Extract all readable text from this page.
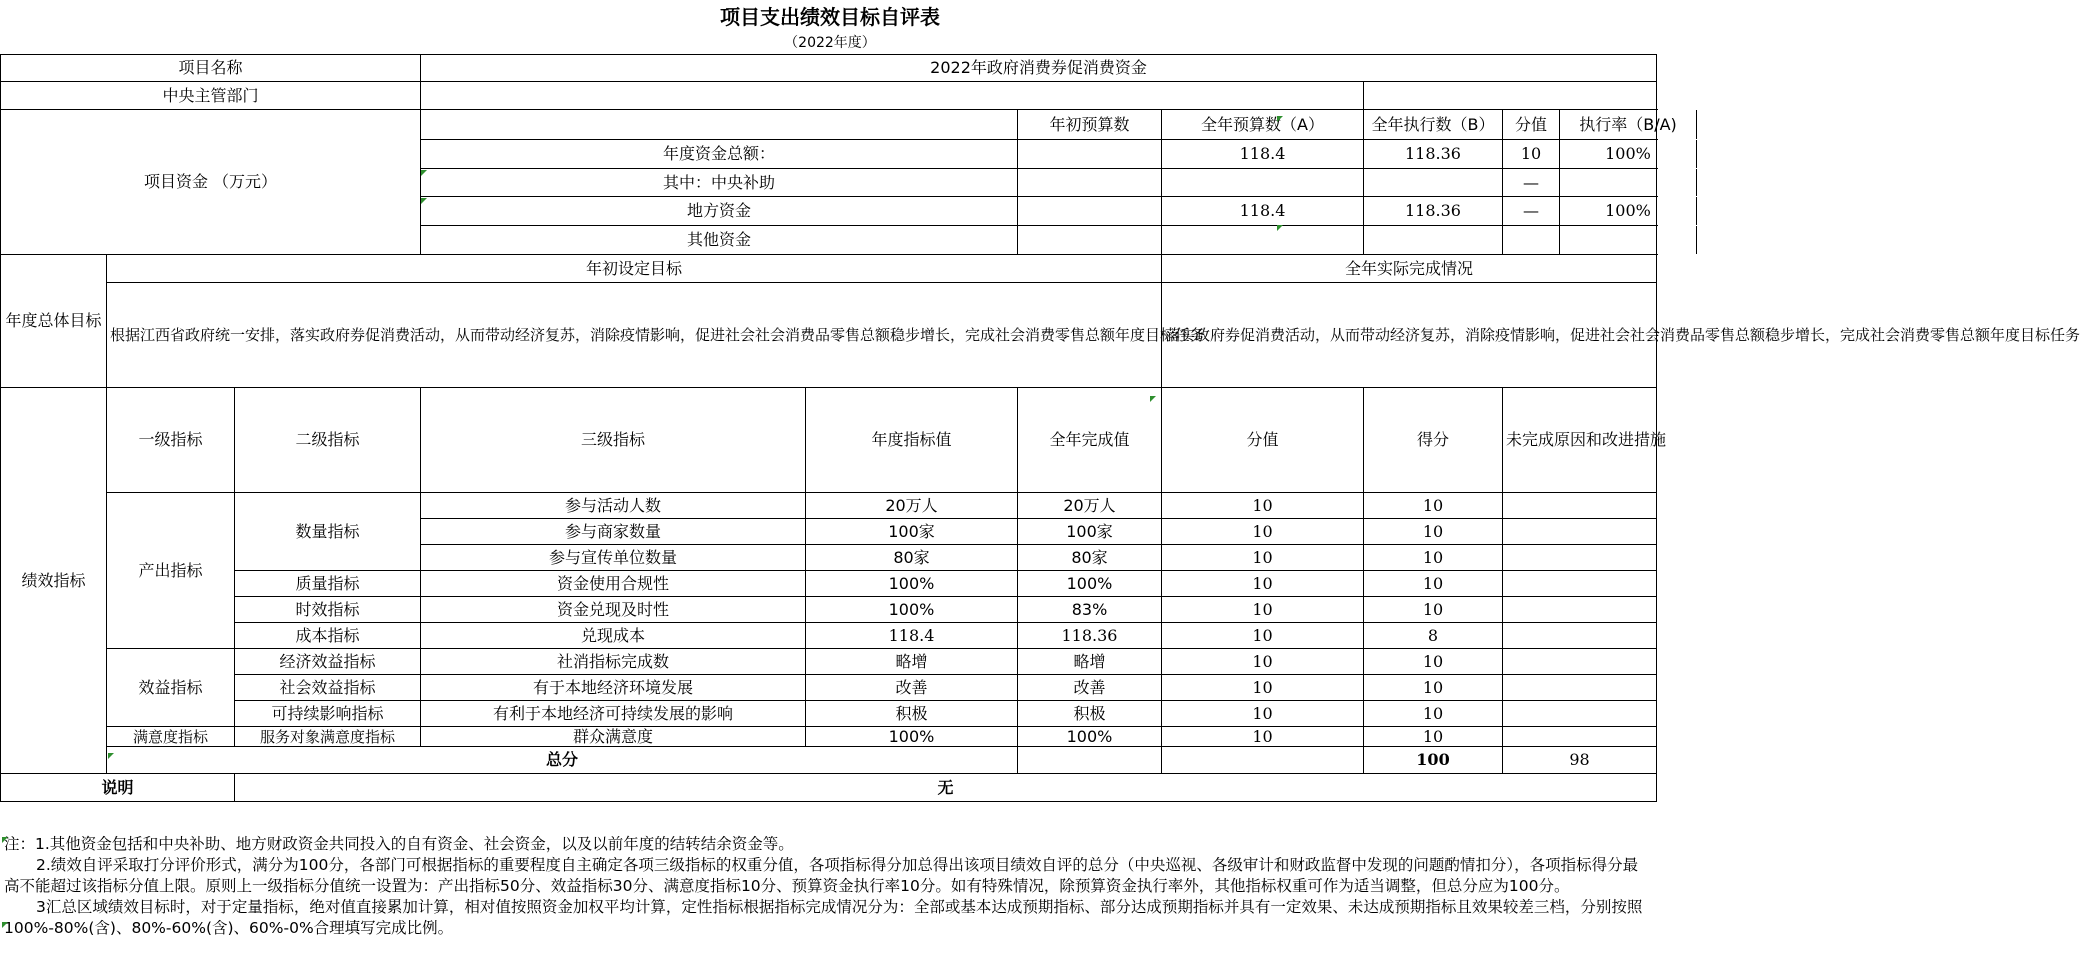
项目支出绩效目标自评表
（2022年度）
项目名称	2022年政府消费券促消费资金
中央主管部门		
项目资金 （万元）		年初预算数	全年预算数（A）	全年执行数（B）	分值	执行率（B/A)	

年度资金总额：		118.4	118.36		10	100%	

其中：中央补助					—		

地方资金		118.4	118.36		—	100%	

其他资金				

年度总体目标	年初设定目标	全年实际完成情况
根据江西省政府统一安排，落实政府券促消费活动，从而带动经济复苏，消除疫情影响，促进社会社会消费品零售总额稳步增长，完成社会消费零售总额年度目标任务	落实政府券促消费活动，从而带动经济复苏，消除疫情影响，促进社会社会消费品零售总额稳步增长，完成社会消费零售总额年度目标任务
绩效指标	一级指标	二级指标	三级指标	年度指标值	全年完成值	分值	得分	未完成原因和改进措施
产出指标	数量指标	参与活动人数	20万人	20万人	10	10	
参与商家数量	100家	100家	10	10	
参与宣传单位数量	80家	80家	10	10	
质量指标	资金使用合规性	100%	100%	10	10	
时效指标	资金兑现及时性	100%	83%	10	10	
成本指标	兑现成本	118.4	118.36	10	8	
效益指标	经济效益指标	社消指标完成数	略增	略增	10	10	
社会效益指标	有于本地经济环境发展	改善	改善	10	10	
可持续影响指标	有利于本地经济可持续发展的影响	积极	积极	10	10	
满意度指标	服务对象满意度指标	群众满意度	100%	100%	10	10	
总分			100	98	
说明	无

注：1.其他资金包括和中央补助、地方财政资金共同投入的自有资金、社会资金，以及以前年度的结转结余资金等。

2.绩效自评采取打分评价形式，满分为100分，各部门可根据指标的重要程度自主确定各项三级指标的权重分值，各项指标得分加总得出该项目绩效自评的总分（中央巡视、各级审计和财政监督中发现的问题酌情扣分），各项指标得分最高不能超过该指标分值上限。原则上一级指标分值统一设置为：产出指标50分、效益指标30分、满意度指标10分、预算资金执行率10分。如有特殊情况，除预算资金执行率外，其他指标权重可作为适当调整，但总分应为100分。

3汇总区域绩效目标时，对于定量指标，绝对值直接累加计算，相对值按照资金加权平均计算，定性指标根据指标完成情况分为：全部或基本达成预期指标、部分达成预期指标并具有一定效果、未达成预期指标且效果较差三档，分别按照100%-80%(含)、80%-60%(含)、60%-0%合理填写完成比例。
